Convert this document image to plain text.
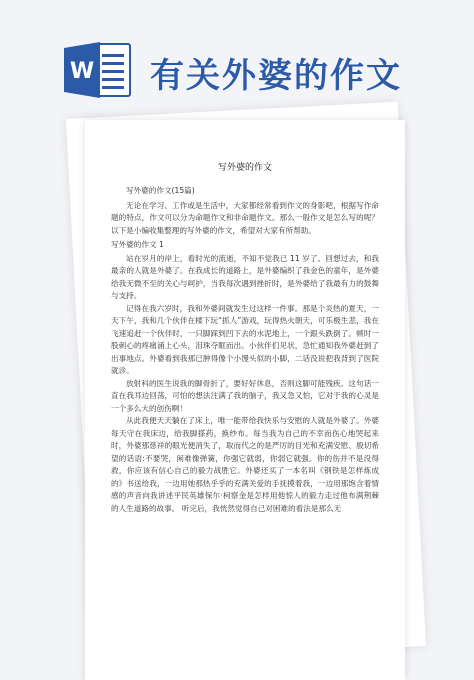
W 有关外婆的作文
写外婆的作文

写外婆的作文(15篇)

无论在学习、工作或是生活中，大家都经常看到作文的身影吧，根据写作命题的特点，作文可以分为命题作文和非命题作文。那么一般作文是怎么写的呢？以下是小编收集整理的写外婆的作文，希望对大家有所帮助。

写外婆的作文 1

站在岁月的岸上，看时光的流逝，不知不觉我已 11 岁了。回想过去，和我最亲的人就是外婆了。在我成长的道路上，是外婆编织了我金色的童年，是外婆给我无微不至的关心与呵护，当我每次遇到挫折时，是外婆给了我最有力的鼓舞与支持。

记得在我六岁时，我和外婆间就发生过这样一件事。那是个炎热的夏天，一天下午，我和几个伙伴在楼下玩“抓人”游戏，玩得热火朝天，可乐极生悲，我在飞速追赶一个伙伴时，一只脚踩到凹下去的水泥地上，一个跟头跌倒了。顿时一股刺心的疼痛涌上心头，泪珠夺眶而出。小伙伴们见状，急忙通知我外婆赶到了出事地点。外婆看到我那已肿得像个小馒头似的小脚，二话没说把我背到了医院就诊。

放射科的医生说我的脚骨折了，要好好休息，否则这脚可能残疾。这句话一直在我耳边回荡，可怕的想法注满了我的脑子，我又急又怕，它对于我的心灵是一个多么大的创伤啊！

从此我便天天躺在了床上，唯一能带给我快乐与安慰的人就是外婆了。外婆每天守在我床边，给我脚搽药，换纱布。每当我为自己的不幸而伤心地哭起来时，外婆那慈祥的眼光便消失了，取而代之的是严厉的目光和充满安慰、殷切希望的话语:不要哭，闲难像弹簧，你强它就弱，你弱它就强。你的伤并不是没得救，你应该有信心自己的毅力战胜它。外婆还买了一本名叫《钢铁是怎样炼成的》书送给我，一边用她那热乎乎的充满关爱的手抚摸着我，一边用那饱含着情感的声音向我讲述平民英雄保尔·柯察金是怎样用他惊人的毅力走过他布满荆棘的人生道路的故事。 听完后，我恍然觉得自己对困难的看法是那么无
